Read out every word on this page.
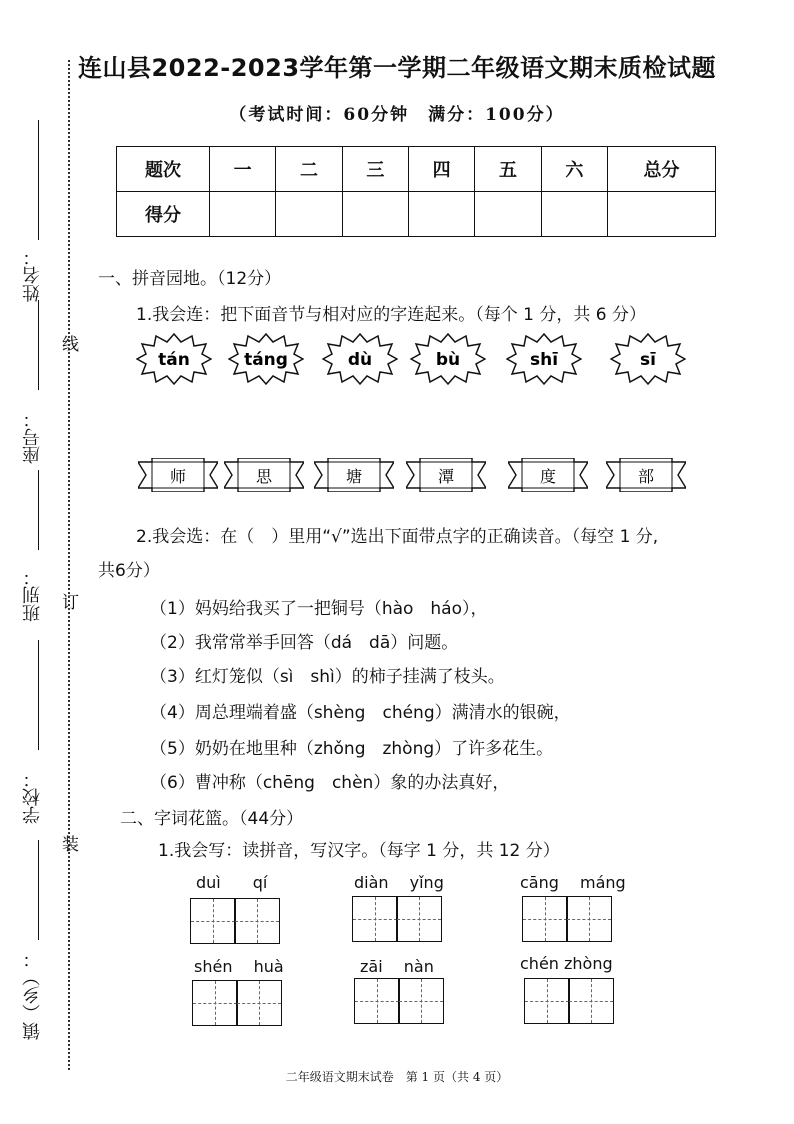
姓名：
座号：
班别：
学校：
镇（乡）：
线
订
装
连山县2022-2023学年第一学期二年级语文期末质检试题
（考试时间：60分钟　满分：100分）
题次	一	二	三	四	五	六	总分
得分							
一、拼音园地。（12分）
1.我会连：把下面音节与相对应的字连起来。（每个 1 分，共 6 分）
tán	táng	dù	bù	shī	sī
师	思	塘	潭	度	部
2.我会选：在（　）里用“√”选出下面带点字的正确读音。（每空 1 分,
共6分）
（1）妈妈给我买了一把铜号（hào　háo），
（2）我常常举手回答（dá　dā）问题。
（3）红灯笼似（sì　shì）的柿子挂满了枝头。
（4）周总理端着盛（shèng　chéng）满清水的银碗，
（5）奶奶在地里种（zhǒng　zhòng）了许多花生。
（6）曹冲称（chēng　chèn）象的办法真好，
二、字词花篮。（44分）
1.我会写：读拼音，写汉字。（每字 1 分，共 12 分）
duì　　 qí	diàn　 yǐng	cāng　 máng
shén　 huà	zāi　 nàn	chén zhòng
二年级语文期末试卷　第 1 页（共 4 页）
